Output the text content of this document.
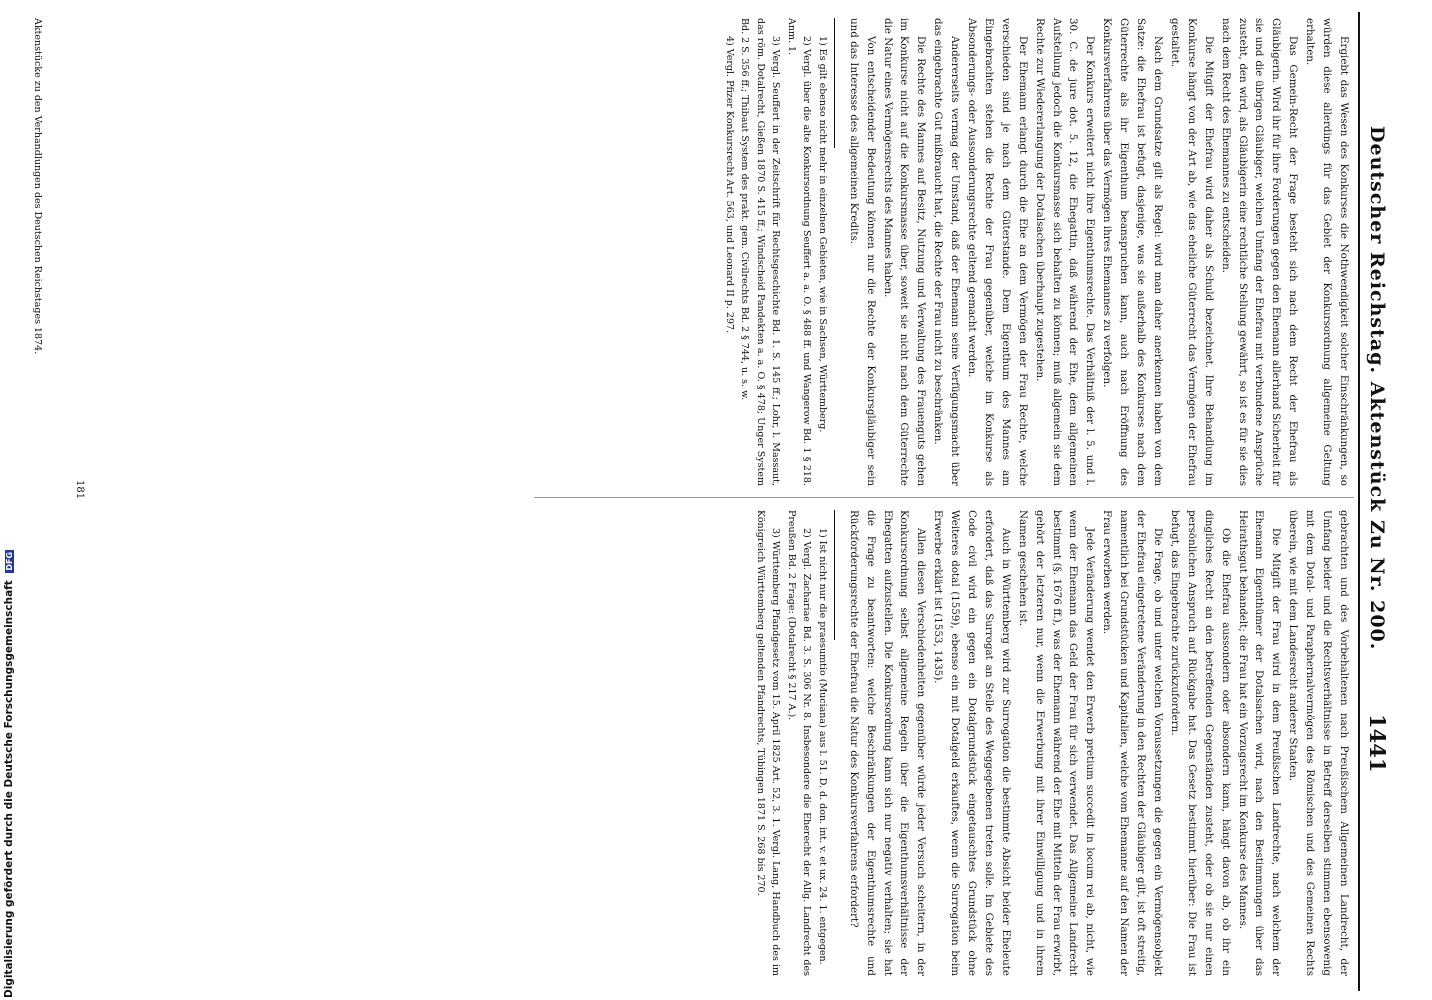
Deutscher Reichstag. Aktenstück Zu Nr. 200.
1441

Ergiebt das Wesen des Konkurses die Nothwendigkeit solcher Einschränkungen, so würden diese allerdings für das Gebiet der Konkursordnung allgemeine Geltung erhalten.

Das Gemein-Recht der Frage besteht sich nach dem Recht der Ehefrau als Gläubigerin. Wird ihr für ihre Forderungen gegen den Ehemann allerhand Sicherheit für sie und die übrigen Gläubiger, welchen Umfang der Ehefrau mit verbundene Ansprüche zusteht, den wird, als Gläubigerin eine rechtliche Stellung gewährt, so ist es für sie dies nach dem Recht des Ehemannes zu entscheiden.

Die Mitgift der Ehefrau wird daher als Schuld bezeichnet. Ihre Behandlung im Konkurse hängt von der Art ab, wie das eheliche Güterrecht das Vermögen der Ehefrau gestaltet.

Nach dem Grundsatze gilt als Regel: wird man daher anerkennen haben von dem Satze: die Ehefrau ist befugt, dasjenige, was sie außerhalb des Konkurses nach dem Güterrechte als ihr Eigenthum beanspruchen kann, auch nach Eröffnung des Konkursverfahrens über das Vermögen ihres Ehemannes zu verfolgen.

Der Konkurs erweitert nicht ihre Eigenthumsrechte. Das Verhältniß der l. 5. und l. 30. C. de jure dot. 5. 12, die Ehegattin, daß während der Ehe, dem allgemeinen Aufstellung jedoch die Konkursmasse sich behalten zu können; muß allgemein sie dem Rechte zur Wiedererlangung der Dotalsachen überhaupt zugestehen.

Der Ehemann erlangt durch die Ehe an dem Vermögen der Frau Rechte, welche verschieden sind je nach dem Güterstande. Dem Eigenthum des Mannes am Eingebrachten stehen die Rechte der Frau gegenüber, welche im Konkurse als Absonderungs- oder Aussonderungsrechte geltend gemacht werden.

Andererseits vermag der Umstand, daß der Ehemann seine Verfügungsmacht über das eingebrachte Gut mißbraucht hat, die Rechte der Frau nicht zu beschränken.

Die Rechte des Mannes auf Besitz, Nutzung und Verwaltung des Frauenguts gehen im Konkurse nicht auf die Konkursmasse über, soweit sie nicht nach dem Güterrechte die Natur eines Vermögensrechts des Mannes haben.

Von entscheidender Bedeutung können nur die Rechte der Konkursgläubiger sein und das Interesse des allgemeinen Kredits.

1) Es gilt ebenso nicht mehr in einzelnen Gebieten, wie in Sachsen, Württemberg.

2) Vergl. über die alte Konkursordnung Seuffert a. a. O. § 488 ff. und Wangerow Bd. 1 § 218. Anm. 1.

3) Vergl. Seuffert in der Zeitschrift für Rechtsgeschichte Bd. 1. S. 145 ff.; Lohr, l. Massaut, das röm. Dotalrecht, Gießen 1870 S. 415 ff.; Windscheid Pandekten a. a. O. § 478; Unger System Bd. 2 S. 356 ff.; Thibaut System des prakt. gem. Civilrechts Bd. 2 § 744, u. s. w.

4) Vergl. Pfizer Konkursrecht Art. 563, und Leonard II p. 297.

gebrachten und des Vorbehaltenen nach Preußischem Allgemeinen Landrecht, der Umfang beider und die Rechtsverhältnisse in Betreff derselben stimmen ebensowenig mit dem Dotal- und Paraphernalvermögen des Römischen und des Gemeinen Rechts überein, wie mit dem Landesrecht anderer Staaten.

Die Mitgift der Frau wird in dem Preußischen Landrechte, nach welchem der Ehemann Eigenthümer der Dotalsachen wird, nach den Bestimmungen über das Heirathsgut behandelt; die Frau hat ein Vorzugsrecht im Konkurse des Mannes.

Ob die Ehefrau aussondern oder absondern kann, hängt davon ab, ob ihr ein dingliches Recht an den betreffenden Gegenständen zusteht, oder ob sie nur einen persönlichen Anspruch auf Rückgabe hat. Das Gesetz bestimmt hierüber: Die Frau ist befugt, das Eingebrachte zurückzufordern.

Die Frage, ob und unter welchen Voraussetzungen die gegen ein Vermögensobjekt der Ehefrau eingetretene Veränderung in den Rechten der Gläubiger gilt, ist oft streitig, namentlich bei Grundstücken und Kapitalien, welche vom Ehemanne auf den Namen der Frau erworben werden.

Jede Veränderung wendet den Erwerb pretium succedit in locum rei ab, nicht, wie wenn der Ehemann das Geld der Frau für sich verwendet. Das Allgemeine Landrecht bestimmt (§. 1676 ff.), was der Ehemann während der Ehe mit Mitteln der Frau erwirbt, gehört der letzteren nur, wenn die Erwerbung mit ihrer Einwilligung und in ihrem Namen geschehen ist.

Auch in Württemberg wird zur Surrogation die bestimmte Absicht beider Eheleute erfordert, daß das Surrogat an Stelle des Weggegebenen treten solle. Im Gebiete des Code civil wird ein gegen ein Dotalgrundstück eingetauschtes Grundstück ohne Weiteres dotal (1559), ebenso ein mit Dotalgeld erkauftes, wenn die Surrogation beim Erwerbe erklärt ist (1553, 1435).

Allen diesen Verschiedenheiten gegenüber würde jeder Versuch scheitern, in der Konkursordnung selbst allgemeine Regeln über die Eigenthumsverhältnisse der Ehegatten aufzustellen. Die Konkursordnung kann sich nur negativ verhalten; sie hat die Frage zu beantworten: welche Beschränkungen der Eigenthumsrechte und Rückforderungsrechte der Ehefrau die Natur des Konkursverfahrens erfordert?

1) Ist nicht nur die praesumtio (Muciana) aus l. 51. D. d. don. int. v. et ux. 24. 1. entgegen.

2) Vergl. Zachariae Bd. 3. S. 306 Nr. 8. Insbesondere die Eherecht der Allg. Landrecht des Preußen Bd. 2 Frage: (Dotalrecht § 217 A.).

3) Württemberg Pfandgesetz vom 15. April 1825 Art. 52, 3. 1. Vergl. Lang, Handbuch des im Königreich Württemberg geltenden Pfandrechts, Tübingen 1871 S. 268 bis 270.

181
Aktenstücke zu den Verhandlungen des Deutschen Reichstages 1874.
Digitalisierung gefördert durch die Deutsche Forschungsgemeinschaft DFG
